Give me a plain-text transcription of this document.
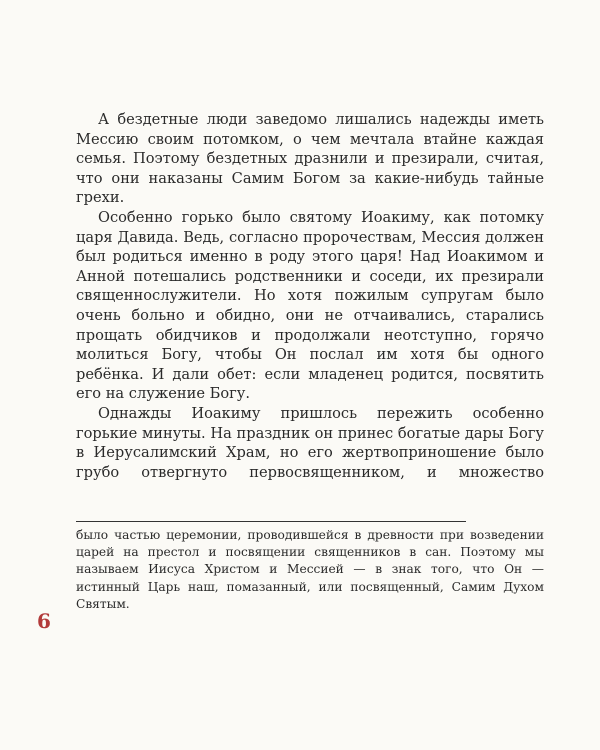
А бездетные люди заведомо лишались надежды иметь Мессию своим потомком, о чем мечтала втайне каждая семья. Поэтому бездетных дразнили и презирали, считая, что они наказаны Самим Богом за какие-нибудь тайные грехи.

Особенно горько было святому Иоакиму, как потомку царя Давида. Ведь, согласно пророчествам, Мессия должен был родиться именно в роду этого царя! Над Иоакимом и Анной потешались родственники и соседи, их презирали священнослужители. Но хотя пожилым супругам было очень больно и обидно, они не отчаивались, старались прощать обидчиков и продолжали неотступно, горячо молиться Богу, чтобы Он послал им хотя бы одного ребёнка. И дали обет: если младенец родится, посвятить его на служение Богу.

Однажды Иоакиму пришлось пережить особенно горькие минуты. На праздник он принес богатые дары Богу в Иерусалимский Храм, но его жертвоприношение было грубо отвергнуто первосвященником, и множество

было частью церемонии, проводившейся в древности при возведении царей на престол и посвящении священников в сан. Поэтому мы называем Иисуса Христом и Мессией — в знак того, что Он — истинный Царь наш, помазанный, или посвященный, Самим Духом Святым.

6
